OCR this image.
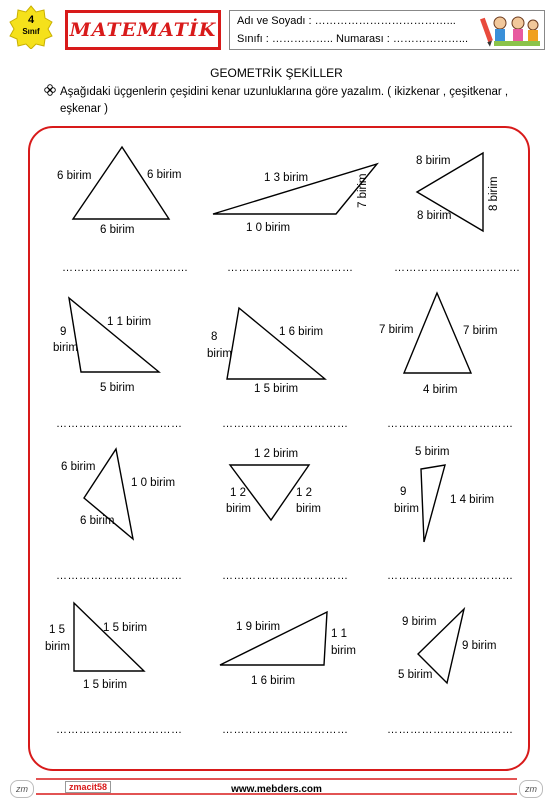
4
Sınıf	MATEMATİK Adı ve Soyadı : ………………………………...
Sınıfı : …………….. Numarası : ………………...
GEOMETRİK ŞEKİLLER
Aşağıdaki üçgenlerin çeşidini kenar uzunluklarına göre yazalım. ( ikizkenar , çeşitkenar , eşkenar )
6 birim	6 birim
6 birim
1 3 birim	7 birim
1 0 birim
8 birim
8 birim
8 birim
……………………………	……………………………	……………………………
9
birim
1 1 birim
5 birim
8
birim
1 6 birim
1 5 birim
7 birim	7 birim
4 birim
……………………………	……………………………	……………………………
6 birim
1 0 birim
6 birim
1 2 birim
1 2
birim
1 2
birim
5 birim
9
birim
1 4 birim
……………………………	……………………………	……………………………
1 5
birim
1 5 birim
1 5 birim
1 9 birim
1 1
birim
1 6 birim
9 birim
9 birim
5 birim
……………………………	……………………………	……………………………
zm	zm
zmacit58	www.mebders.com
